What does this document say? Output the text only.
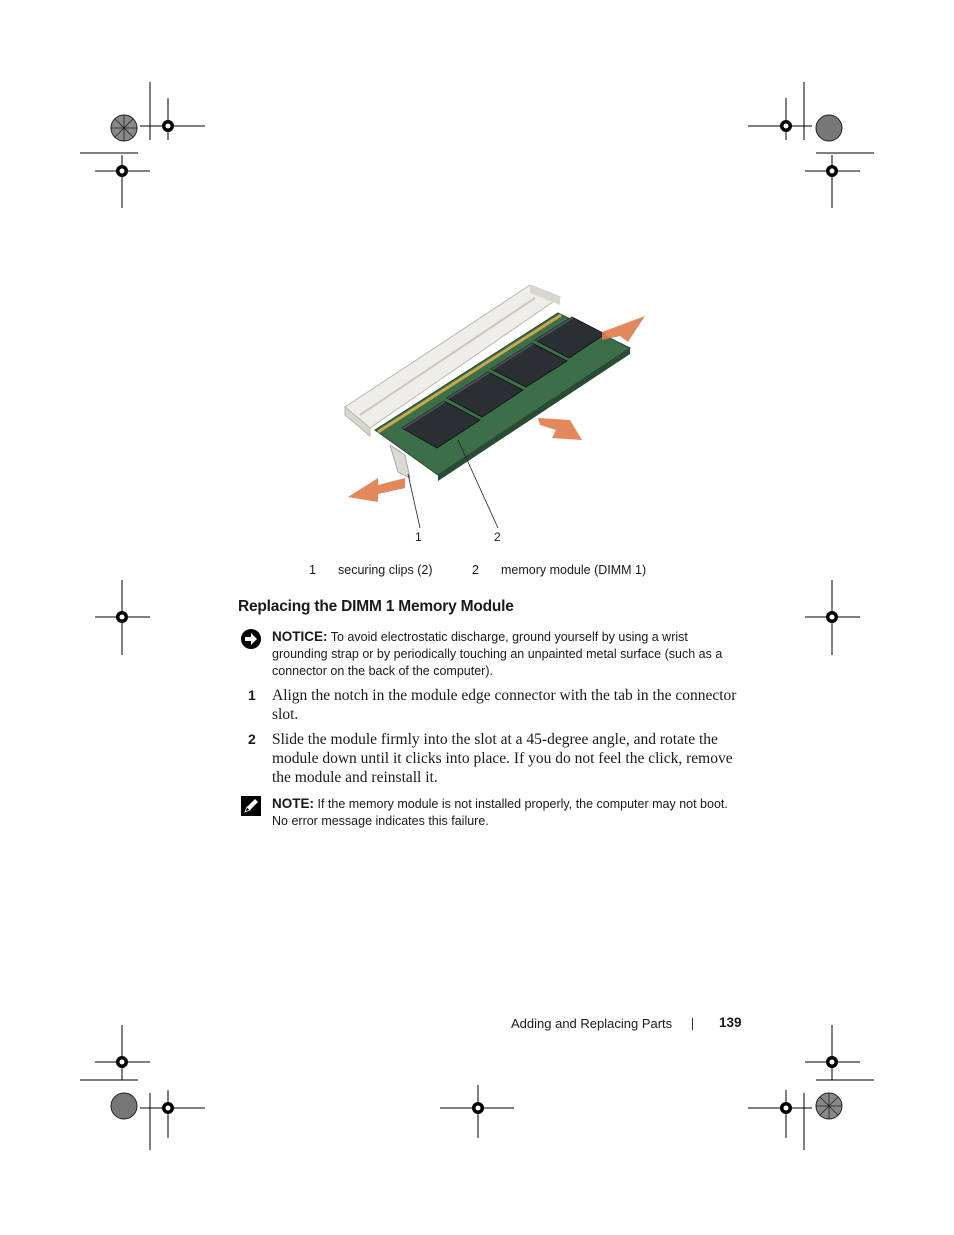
1	2
1 securing clips (2)	2 memory module (DIMM 1)
Replacing the DIMM 1 Memory Module
NOTICE: To avoid electrostatic discharge, ground yourself by using a wrist grounding strap or by periodically touching an unpainted metal surface (such as a connector on the back of the computer).
1 Align the notch in the module edge connector with the tab in the connector slot.
2 Slide the module firmly into the slot at a 45-degree angle, and rotate the module down until it clicks into place. If you do not feel the click, remove the module and reinstall it.
NOTE: If the memory module is not installed properly, the computer may not boot. No error message indicates this failure.
Adding and Replacing Parts	139
